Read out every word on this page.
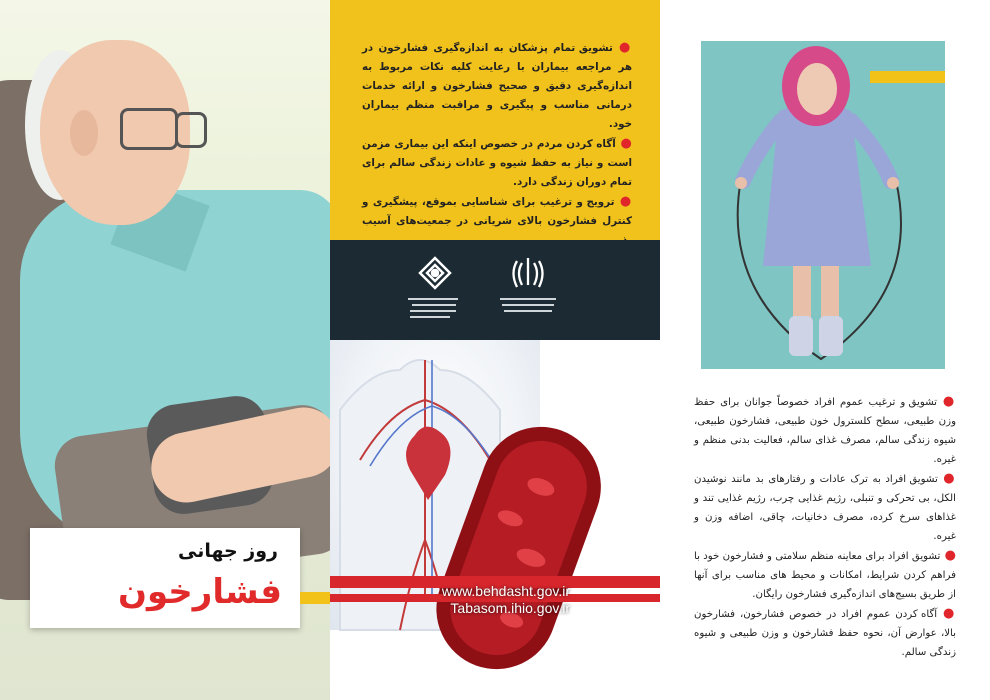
روز جهانی
فشارخون

● تشویق تمام پزشکان به اندازه‌گیری فشارخون در هر مراجعه بیماران با رعایت کلیه نکات مربوط به اندازه‌گیری دقیق و صحیح فشارخون و ارائه خدمات درمانی مناسب و پیگیری و مراقبت منظم بیماران خود.

● آگاه کردن مردم در خصوص اینکه این بیماری مزمن است و نیاز به حفظ شیوه و عادات زندگی سالم برای تمام دوران زندگی دارد.

● ترویج و ترغیب برای شناسایی بموقع، پیشگیری و کنترل فشارخون بالای شریانی در جمعیت‌های آسیب

www.behdasht.gov.ir
Tabasom.ihio.gov.ir

● تشویق و ترغیب عموم افراد خصوصاً جوانان برای حفظ وزن طبیعی، سطح کلسترول خون طبیعی، فشارخون طبیعی، شیوه زندگی سالم، مصرف غذای سالم، فعالیت بدنی منظم و غیره.

● تشویق افراد به ترک عادات و رفتارهای بد مانند نوشیدن الکل، بی تحرکی و تنبلی، رژیم غذایی چرب، رژیم غذایی تند و غذاهای سرخ کرده، مصرف دخانیات، چاقی، اضافه وزن و غیره.

● تشویق افراد برای معاینه منظم سلامتی و فشارخون خود با فراهم کردن شرایط، امکانات و محیط های مناسب برای آنها از طریق بسیج‌های اندازه‌گیری فشارخون رایگان.

● آگاه کردن عموم افراد در خصوص فشارخون، فشارخون بالا، عوارض آن، نحوه حفظ فشارخون و وزن طبیعی و شیوه زندگی سالم.
